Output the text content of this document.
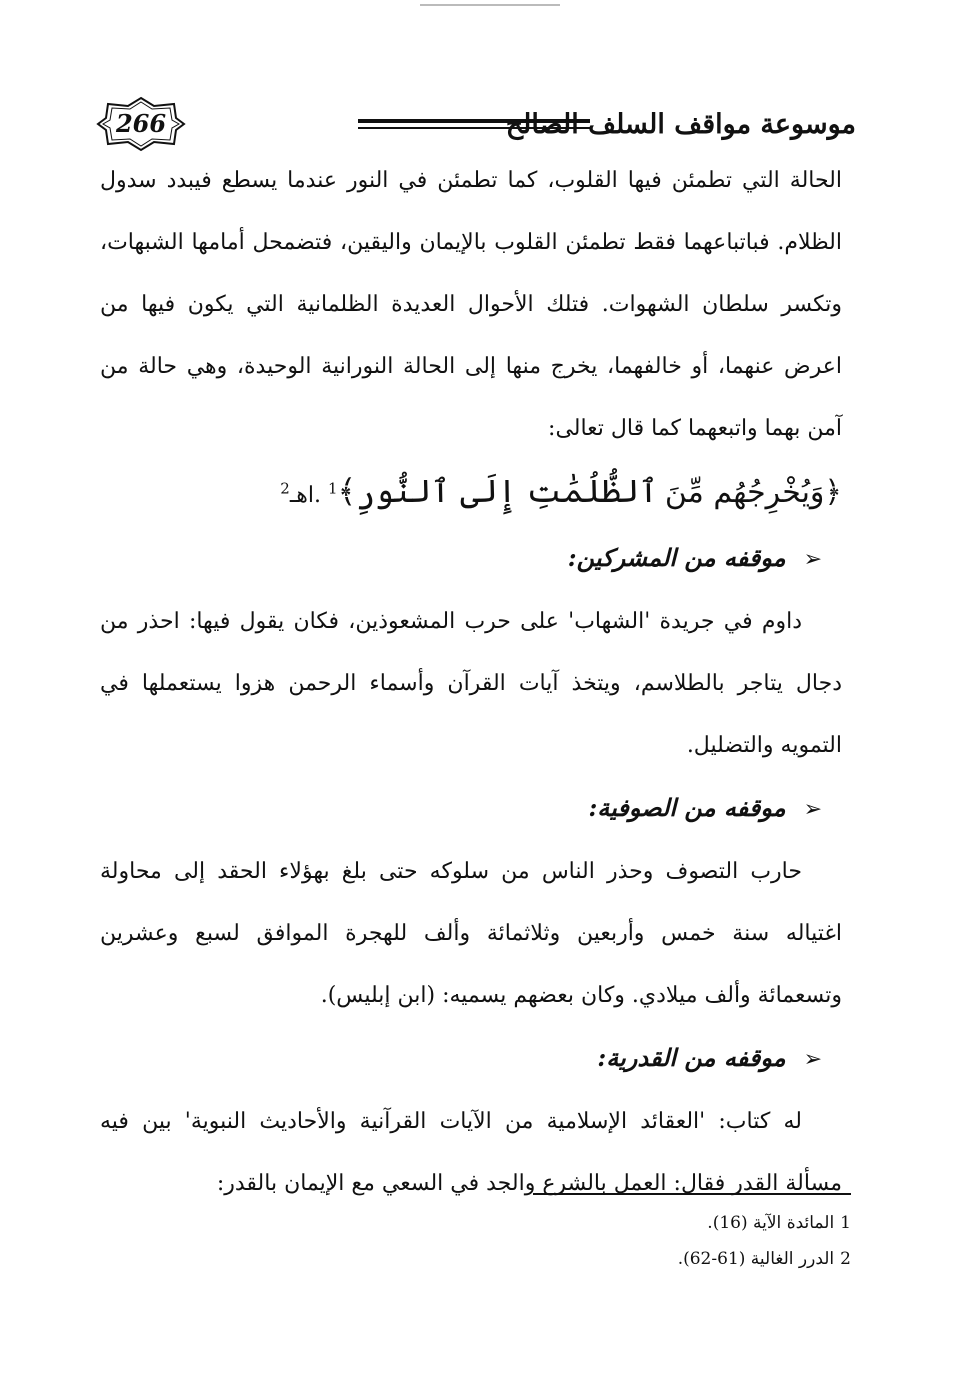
266	موسوعة مواقف السلف الصالح

الحالة التي تطمئن فيها القلوب، كما تطمئن في النور عندما يسطع فيبدد سدول الظلام. فباتباعهما فقط تطمئن القلوب بالإيمان واليقين، فتضمحل أمامها الشبهات، وتكسر سلطان الشهوات. فتلك الأحوال العديدة الظلمانية التي يكون فيها من اعرض عنهما، أو خالفهما، يخرج منها إلى الحالة النورانية الوحيدة، وهي حالة من آمن بهما واتبعهما كما قال تعالى:

﴿وَيُخْرِجُهُم مِّنَ ٱلظُّلُمَٰتِ إِلَى ٱلنُّورِ﴾$^1$ .اهـ$^2$

➢ موقفه من المشركين:

داوم في جريدة 'الشهاب' على حرب المشعوذين، فكان يقول فيها: احذر من دجال يتاجر بالطلاسم، ويتخذ آيات القرآن وأسماء الرحمن هزوا يستعملها في التمويه والتضليل.

➢ موقفه من الصوفية:

حارب التصوف وحذر الناس من سلوكه حتى بلغ بهؤلاء الحقد إلى محاولة اغتياله سنة خمس وأربعين وثلاثمائة وألف للهجرة الموافق لسبع وعشرين وتسعمائة وألف ميلادي. وكان بعضهم يسميه: (ابن إبليس).

➢ موقفه من القدرية:

له كتاب: 'العقائد الإسلامية من الآيات القرآنية والأحاديث النبوية' بين فيه مسألة القدر فقال: العمل بالشرع والجد في السعي مع الإيمان بالقدر:

1المائدة الآية (16).

2الدرر الغالية (61-62).
